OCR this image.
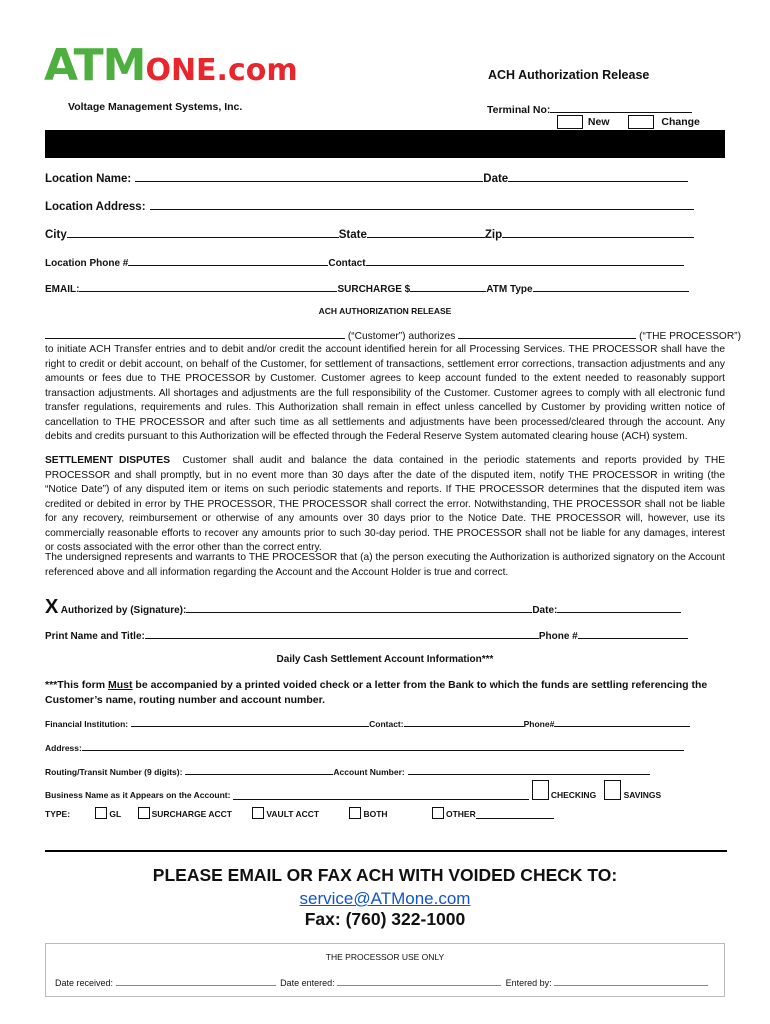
ATMONE.com	ACH Authorization Release
Voltage Management Systems, Inc.	Terminal No:
New	Change
Location Name:	Date
Location Address:
City	State	Zip
Location Phone #	Contact
EMAIL:	SURCHARGE $	ATM Type
ACH AUTHORIZATION RELEASE
(“Customer”) authorizes	(“THE PROCESSOR”)
to initiate ACH Transfer entries and to debit and/or credit the account identified herein for all Processing Services. THE PROCESSOR shall have the right to credit or debit account, on behalf of the Customer, for settlement of transactions, settlement error corrections, transaction adjustments and any amounts or fees due to THE PROCESSOR by Customer. Customer agrees to keep account funded to the extent needed to reasonably support transaction adjustments. All shortages and adjustments are the full responsibility of the Customer. Customer agrees to comply with all electronic fund transfer regulations, requirements and rules. This Authorization shall remain in effect unless cancelled by Customer by providing written notice of cancellation to THE PROCESSOR and after such time as all settlements and adjustments have been processed/cleared through the account. Any debits and credits pursuant to this Authorization will be effected through the Federal Reserve System automated clearing house (ACH) system.
SETTLEMENT DISPUTES Customer shall audit and balance the data contained in the periodic statements and reports provided by THE PROCESSOR and shall promptly, but in no event more than 30 days after the date of the disputed item, notify THE PROCESSOR in writing (the “Notice Date”) of any disputed item or items on such periodic statements and reports. If THE PROCESSOR determines that the disputed item was credited or debited in error by THE PROCESSOR, THE PROCESSOR shall correct the error. Notwithstanding, THE PROCESSOR shall not be liable for any recovery, reimbursement or otherwise of any amounts over 30 days prior to the Notice Date. THE PROCESSOR will, however, use its commercially reasonable efforts to recover any amounts prior to such 30-day period. THE PROCESSOR shall not be liable for any damages, interest or costs associated with the error other than the correct entry.
The undersigned represents and warrants to THE PROCESSOR that (a) the person executing the Authorization is authorized signatory on the Account referenced above and all information regarding the Account and the Account Holder is true and correct.
X Authorized by (Signature):	Date:
Print Name and Title:	Phone #
Daily Cash Settlement Account Information***
***This form Must be accompanied by a printed voided check or a letter from the Bank to which the funds are settling referencing the Customer’s name, routing number and account number.
Financial Institution:	Contact:	Phone#
Address:
Routing/Transit Number (9 digits):	Account Number:
Business Name as it Appears on the Account:	CHECKING	SAVINGS
TYPE:	GL	SURCHARGE ACCT	VAULT ACCT	BOTH	OTHER
PLEASE EMAIL OR FAX ACH WITH VOIDED CHECK TO:
service@ATMone.com
Fax: (760) 322-1000
THE PROCESSOR USE ONLY
Date received:	Date entered:	Entered by:
